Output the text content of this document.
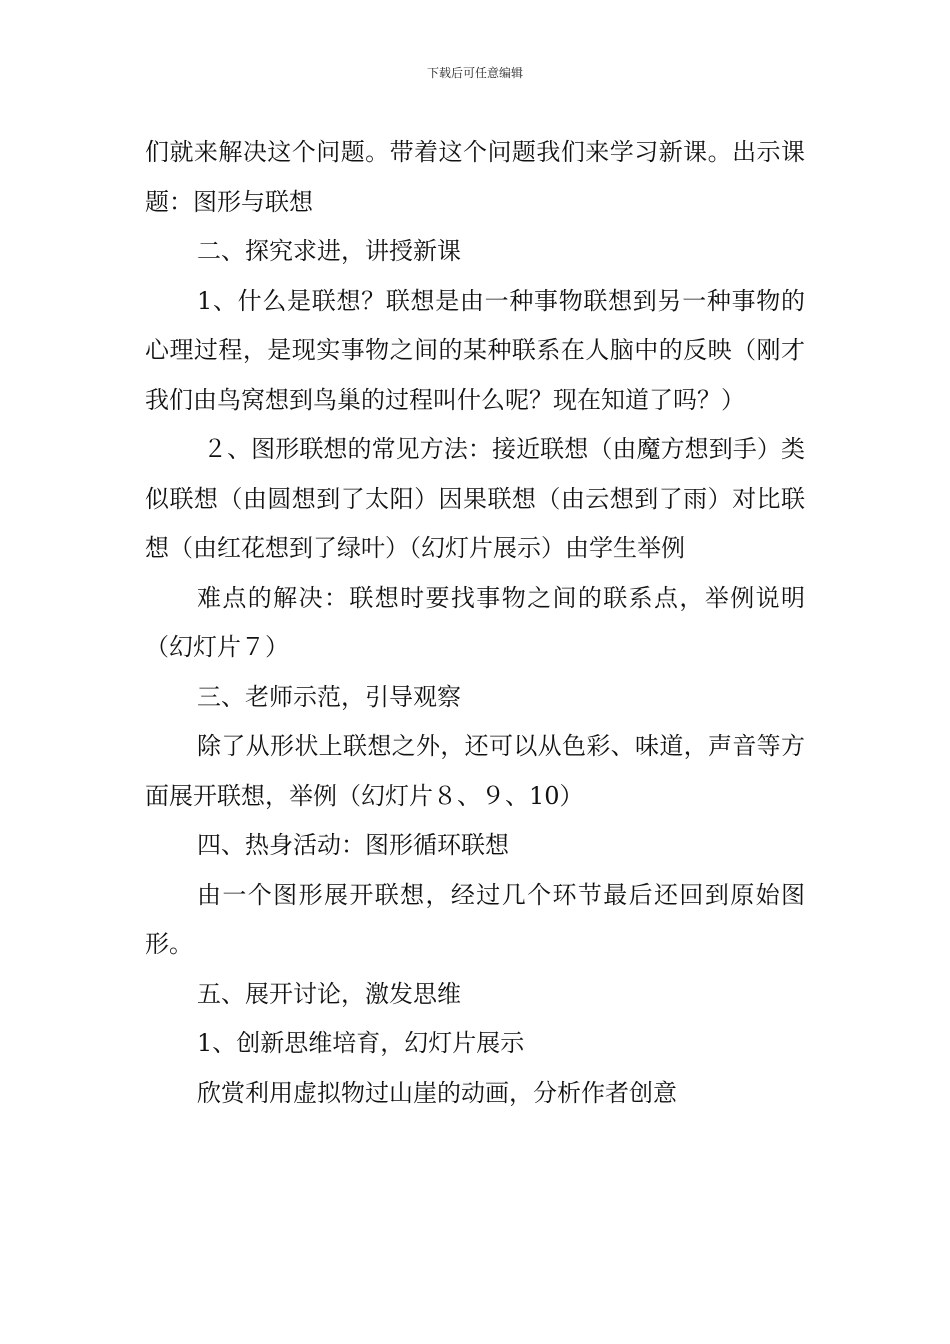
下载后可任意编辑

们就来解决这个问题。带着这个问题我们来学习新课。出示课题：图形与联想

二、探究求进，讲授新课

1、什么是联想？联想是由一种事物联想到另一种事物的心理过程，是现实事物之间的某种联系在人脑中的反映（刚才我们由鸟窝想到鸟巢的过程叫什么呢？现在知道了吗？）

２、图形联想的常见方法：接近联想（由魔方想到手）类似联想（由圆想到了太阳）因果联想（由云想到了雨）对比联想（由红花想到了绿叶）（幻灯片展示）由学生举例

难点的解决：联想时要找事物之间的联系点，举例说明（幻灯片７）

三、老师示范，引导观察

除了从形状上联想之外，还可以从色彩、味道，声音等方面展开联想，举例（幻灯片８、９、10）

四、热身活动：图形循环联想

由一个图形展开联想，经过几个环节最后还回到原始图形。

五、展开讨论，激发思维

1、创新思维培育，幻灯片展示

欣赏利用虚拟物过山崖的动画，分析作者创意
